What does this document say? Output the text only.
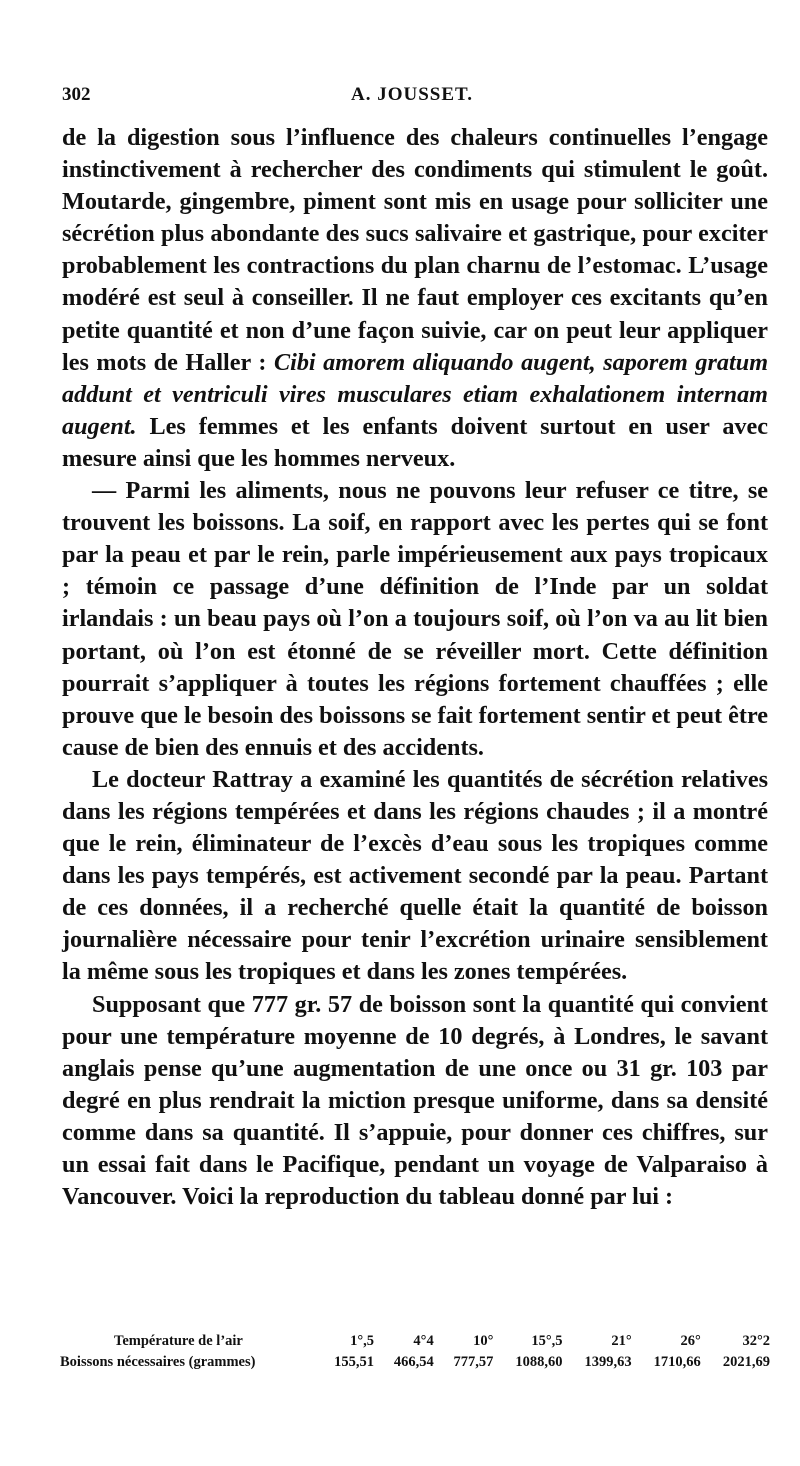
302	A. JOUSSET.

de la digestion sous l’influence des chaleurs continuelles l’engage instinctivement à rechercher des condiments qui stimulent le goût. Moutarde, gingembre, piment sont mis en usage pour solliciter une sécrétion plus abondante des sucs salivaire et gastrique, pour exciter probablement les contractions du plan charnu de l’estomac. L’usage modéré est seul à conseiller. Il ne faut employer ces excitants qu’en petite quantité et non d’une façon suivie, car on peut leur appliquer les mots de Haller : Cibi amorem aliquando augent, saporem gratum addunt et ventriculi vires musculares etiam exhalationem internam augent. Les femmes et les enfants doivent surtout en user avec mesure ainsi que les hommes nerveux.

— Parmi les aliments, nous ne pouvons leur refuser ce titre, se trouvent les boissons. La soif, en rapport avec les pertes qui se font par la peau et par le rein, parle impérieusement aux pays tropicaux ; témoin ce passage d’une définition de l’Inde par un soldat irlandais : un beau pays où l’on a toujours soif, où l’on va au lit bien portant, où l’on est étonné de se réveiller mort. Cette définition pourrait s’appliquer à toutes les régions fortement chauffées ; elle prouve que le besoin des boissons se fait fortement sentir et peut être cause de bien des ennuis et des accidents.

Le docteur Rattray a examiné les quantités de sécrétion relatives dans les régions tempérées et dans les régions chaudes ; il a montré que le rein, éliminateur de l’excès d’eau sous les tropiques comme dans les pays tempérés, est activement secondé par la peau. Partant de ces données, il a recherché quelle était la quantité de boisson journalière nécessaire pour tenir l’excrétion urinaire sensiblement la même sous les tropiques et dans les zones tempérées.

Supposant que 777 gr. 57 de boisson sont la quantité qui convient pour une température moyenne de 10 degrés, à Londres, le savant anglais pense qu’une augmentation de une once ou 31 gr. 103 par degré en plus rendrait la miction presque uniforme, dans sa densité comme dans sa quantité. Il s’appuie, pour donner ces chiffres, sur un essai fait dans le Pacifique, pendant un voyage de Valparaiso à Vancouver. Voici la reproduction du tableau donné par lui :

Température de l’air	1°,5	4°4	10°	15°,5	21°	26°	32°2
Boissons nécessaires (grammes)	155,51	466,54	777,57	1088,60	1399,63	1710,66	2021,69
